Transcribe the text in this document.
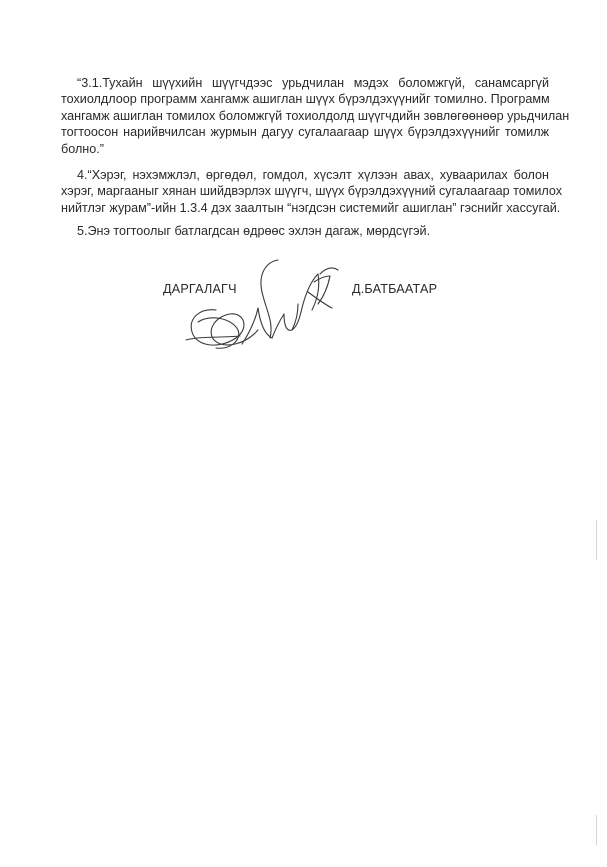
“3.1.Тухайн шүүхийн шүүгчдээс урьдчилан мэдэх боломжгүй, санамсаргүй
тохиолдлоор программ хангамж ашиглан шүүх бүрэлдэхүүнийг томилно. Программ
хангамж ашиглан томилох боломжгүй тохиолдолд шүүгчдийн зөвлөгөөнөөр урьдчилан
тогтоосон нарийвчилсан журмын дагуу сугалаагаар шүүх бүрэлдэхүүнийг томилж
болно.”

4.“Хэрэг, нэхэмжлэл, өргөдөл, гомдол, хүсэлт хүлээн авах, хуваарилах болон
хэрэг, маргааныг хянан шийдвэрлэх шүүгч, шүүх бүрэлдэхүүний сугалаагаар томилох
нийтлэг журам”-ийн 1.3.4 дэх заалтын “нэгдсэн системийг ашиглан” гэснийг хассугай.

5.Энэ тогтоолыг батлагдсан өдрөөс эхлэн дагаж, мөрдсүгэй.

ДАРГАЛАГЧ	Д.БАТБААТАР
